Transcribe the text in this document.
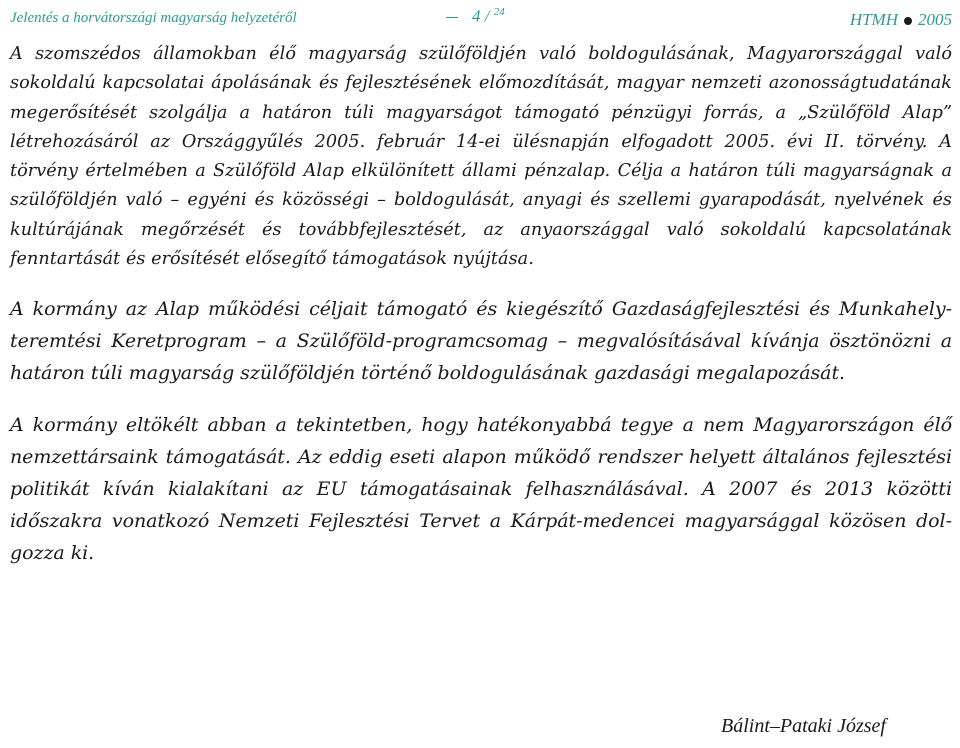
Jelentés a horvátországi magyarság helyzetéről	4 / $^{24}$	HTMH 2005

A szomszédos államokban élő magyarság szülőföldjén való boldogulásának, Magyarországgal való sokoldalú kapcsolatai ápolásának és fejlesztésének előmozdítását, magyar nemzeti azonosságtudatának megerősítését szolgálja a határon túli magyarságot támogató pénzügyi forrás, a „Szülőföld Alap” létrehozásáról az Országgyűlés 2005. február 14-ei ülésnapján elfogadott 2005. évi II. törvény. A törvény értelmében a Szülőföld Alap elkülönített állami pénzalap. Célja a határon túli magyarságnak a szülőföldjén való – egyéni és közösségi – boldogulását, anyagi és szellemi gyarapodását, nyelvének és kultúrájának megőrzését és továbbfejlesztését, az anyaországgal való sokoldalú kapcsolatának fenntartását és erősítését elősegítő támogatások nyújtása.

A kormány az Alap működési céljait támogató és kiegészítő Gazdaságfejlesztési és Munkahely-teremtési Keretprogram – a Szülőföld-programcsomag – megvalósításával kívánja ösztönözni a határon túli magyarság szülőföldjén történő boldogulásának gazdasági megalapozását.

A kormány eltökélt abban a tekintetben, hogy hatékonyabbá tegye a nem Magyarországon élő nemzettársaink támogatását. Az eddig eseti alapon működő rendszer helyett általános fejlesztési politikát kíván kialakítani az EU támogatásainak felhasználásával. A 2007 és 2013 közötti időszakra vonatkozó Nemzeti Fejlesztési Tervet a Kárpát-medencei magyarsággal közösen dolgozza ki.

Bálint–Pataki József
